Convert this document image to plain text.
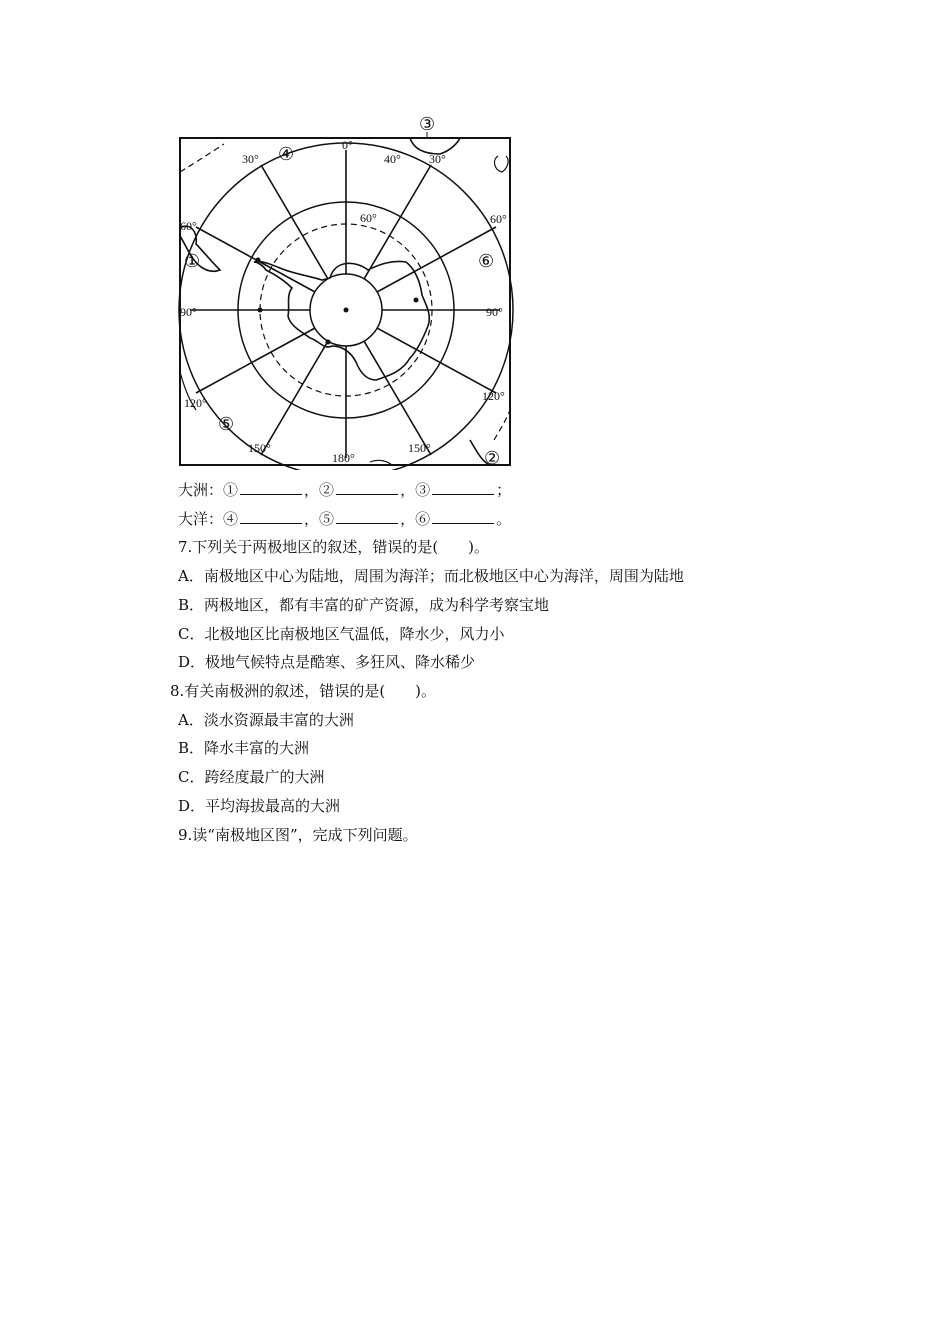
0°
30°	40° 30°
60°	60°
60°
90°	90°
120°	120°
150°
180°
150°
①
②
③
④
⑤
⑥
大洲：①	，②	，③	；
大洋：④	，⑤	，⑥	。
7.下列关于两极地区的叙述，错误的是(　　)。
A．南极地区中心为陆地，周围为海洋；而北极地区中心为海洋，周围为陆地
B．两极地区，都有丰富的矿产资源，成为科学考察宝地
C．北极地区比南极地区气温低，降水少，风力小
D．极地气候特点是酷寒、多狂风、降水稀少
8.有关南极洲的叙述，错误的是(　　)。
A．淡水资源最丰富的大洲
B．降水丰富的大洲
C．跨经度最广的大洲
D．平均海拔最高的大洲
9.读“南极地区图”，完成下列问题。
